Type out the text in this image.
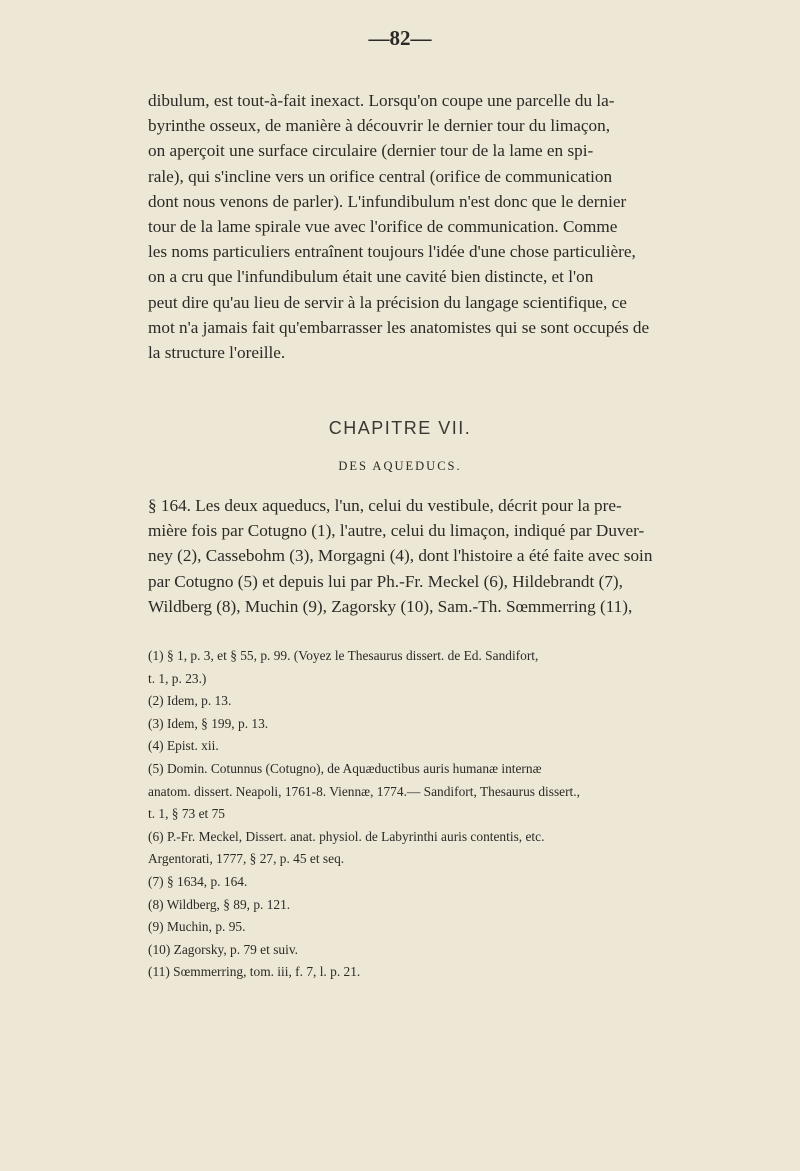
—82—
dibulum, est tout-à-fait inexact. Lorsqu'on coupe une parcelle du la-
byrinthe osseux, de manière à découvrir le dernier tour du limaçon,
on aperçoit une surface circulaire (dernier tour de la lame en spi-
rale), qui s'incline vers un orifice central (orifice de communication
dont nous venons de parler). L'infundibulum n'est donc que le dernier
tour de la lame spirale vue avec l'orifice de communication. Comme
les noms particuliers entraînent toujours l'idée d'une chose particulière,
on a cru que l'infundibulum était une cavité bien distincte, et l'on
peut dire qu'au lieu de servir à la précision du langage scientifique, ce
mot n'a jamais fait qu'embarrasser les anatomistes qui se sont occupés de
la structure l'oreille.
CHAPITRE VII.
DES AQUEDUCS.
§ 164. Les deux aqueducs, l'un, celui du vestibule, décrit pour la pre-
mière fois par Cotugno (1), l'autre, celui du limaçon, indiqué par Duver-
ney (2), Cassebohm (3), Morgagni (4), dont l'histoire a été faite avec soin
par Cotugno (5) et depuis lui par Ph.-Fr. Meckel (6), Hildebrandt (7),
Wildberg (8), Muchin (9), Zagorsky (10), Sam.-Th. Sœmmerring (11),
(1) § 1, p. 3, et § 55, p. 99. (Voyez le Thesaurus dissert. de Ed. Sandifort,
t. 1, p. 23.)
(2) Idem, p. 13.
(3) Idem, § 199, p. 13.
(4) Epist. xii.
(5) Domin. Cotunnus (Cotugno), de Aquæductibus auris humanæ internæ
anatom. dissert. Neapoli, 1761-8. Viennæ, 1774.— Sandifort, Thesaurus dissert.,
t. 1, § 73 et 75
(6) P.-Fr. Meckel, Dissert. anat. physiol. de Labyrinthi auris contentis, etc.
Argentorati, 1777, § 27, p. 45 et seq.
(7) § 1634, p. 164.
(8) Wildberg, § 89, p. 121.
(9) Muchin, p. 95.
(10) Zagorsky, p. 79 et suiv.
(11) Sœmmerring, tom. iii, f. 7, l. p. 21.
